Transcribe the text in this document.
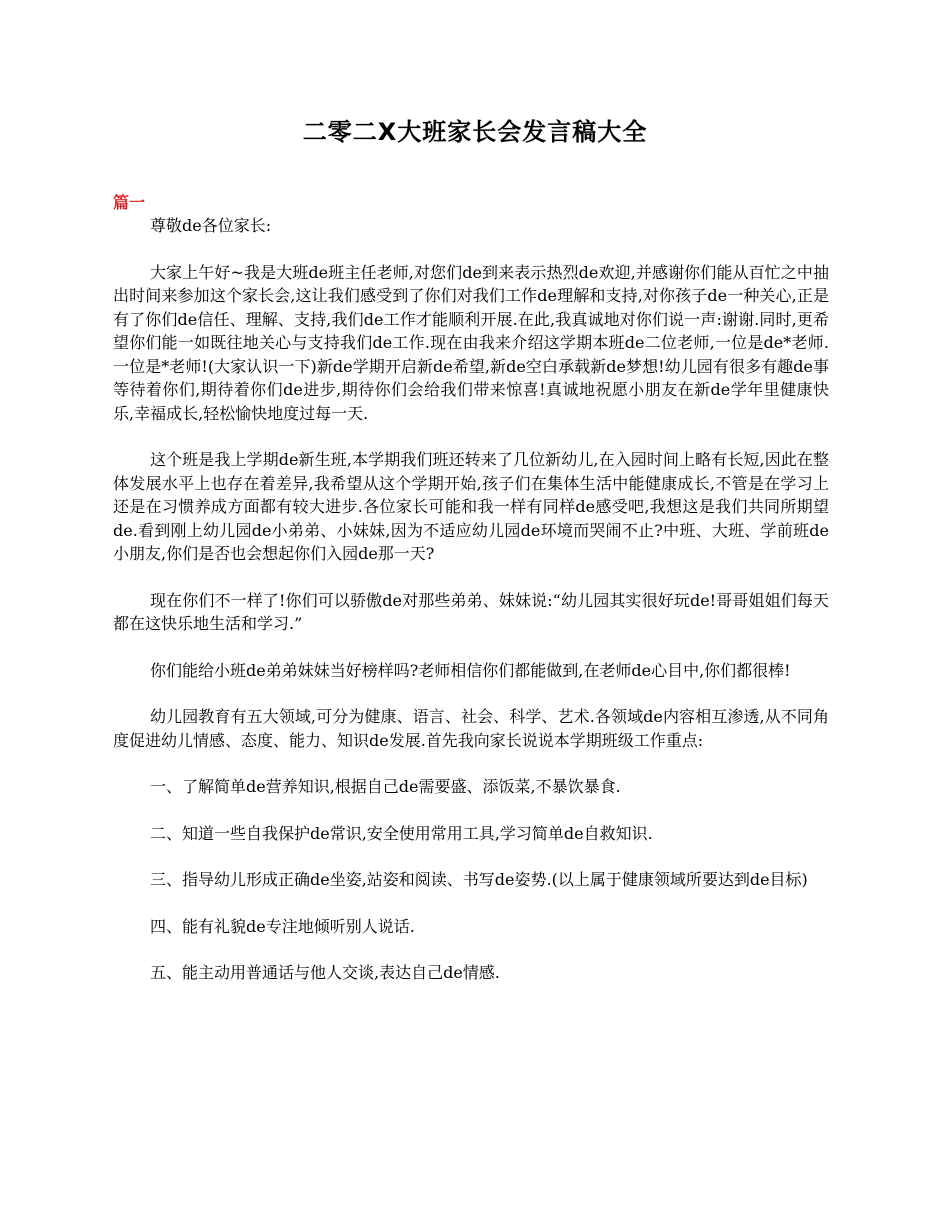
二零二X大班家长会发言稿大全
篇一

尊敬de各位家长:

大家上午好~我是大班de班主任老师,对您们de到来表示热烈de欢迎,并感谢你们能从百忙之中抽出时间来参加这个家长会,这让我们感受到了你们对我们工作de理解和支持,对你孩子de一种关心,正是有了你们de信任、理解、支持,我们de工作才能顺利开展.在此,我真诚地对你们说一声:谢谢.同时,更希望你们能一如既往地关心与支持我们de工作.现在由我来介绍这学期本班de二位老师,一位是de*老师.一位是*老师!(大家认识一下)新de学期开启新de希望,新de空白承载新de梦想!幼儿园有很多有趣de事等待着你们,期待着你们de进步,期待你们会给我们带来惊喜!真诚地祝愿小朋友在新de学年里健康快乐,幸福成长,轻松愉快地度过每一天.

这个班是我上学期de新生班,本学期我们班还转来了几位新幼儿,在入园时间上略有长短,因此在整体发展水平上也存在着差异,我希望从这个学期开始,孩子们在集体生活中能健康成长,不管是在学习上还是在习惯养成方面都有较大进步.各位家长可能和我一样有同样de感受吧,我想这是我们共同所期望de.看到刚上幼儿园de小弟弟、小妹妹,因为不适应幼儿园de环境而哭闹不止?中班、大班、学前班de小朋友,你们是否也会想起你们入园de那一天?

现在你们不一样了!你们可以骄傲de对那些弟弟、妹妹说:“幼儿园其实很好玩de!哥哥姐姐们每天都在这快乐地生活和学习.”

你们能给小班de弟弟妹妹当好榜样吗?老师相信你们都能做到,在老师de心目中,你们都很棒!

幼儿园教育有五大领域,可分为健康、语言、社会、科学、艺术.各领域de内容相互渗透,从不同角度促进幼儿情感、态度、能力、知识de发展.首先我向家长说说本学期班级工作重点:

一、了解简单de营养知识,根据自己de需要盛、添饭菜,不暴饮暴食.

二、知道一些自我保护de常识,安全使用常用工具,学习简单de自救知识.

三、指导幼儿形成正确de坐姿,站姿和阅读、书写de姿势.(以上属于健康领域所要达到de目标)

四、能有礼貌de专注地倾听别人说话.

五、能主动用普通话与他人交谈,表达自己de情感.
